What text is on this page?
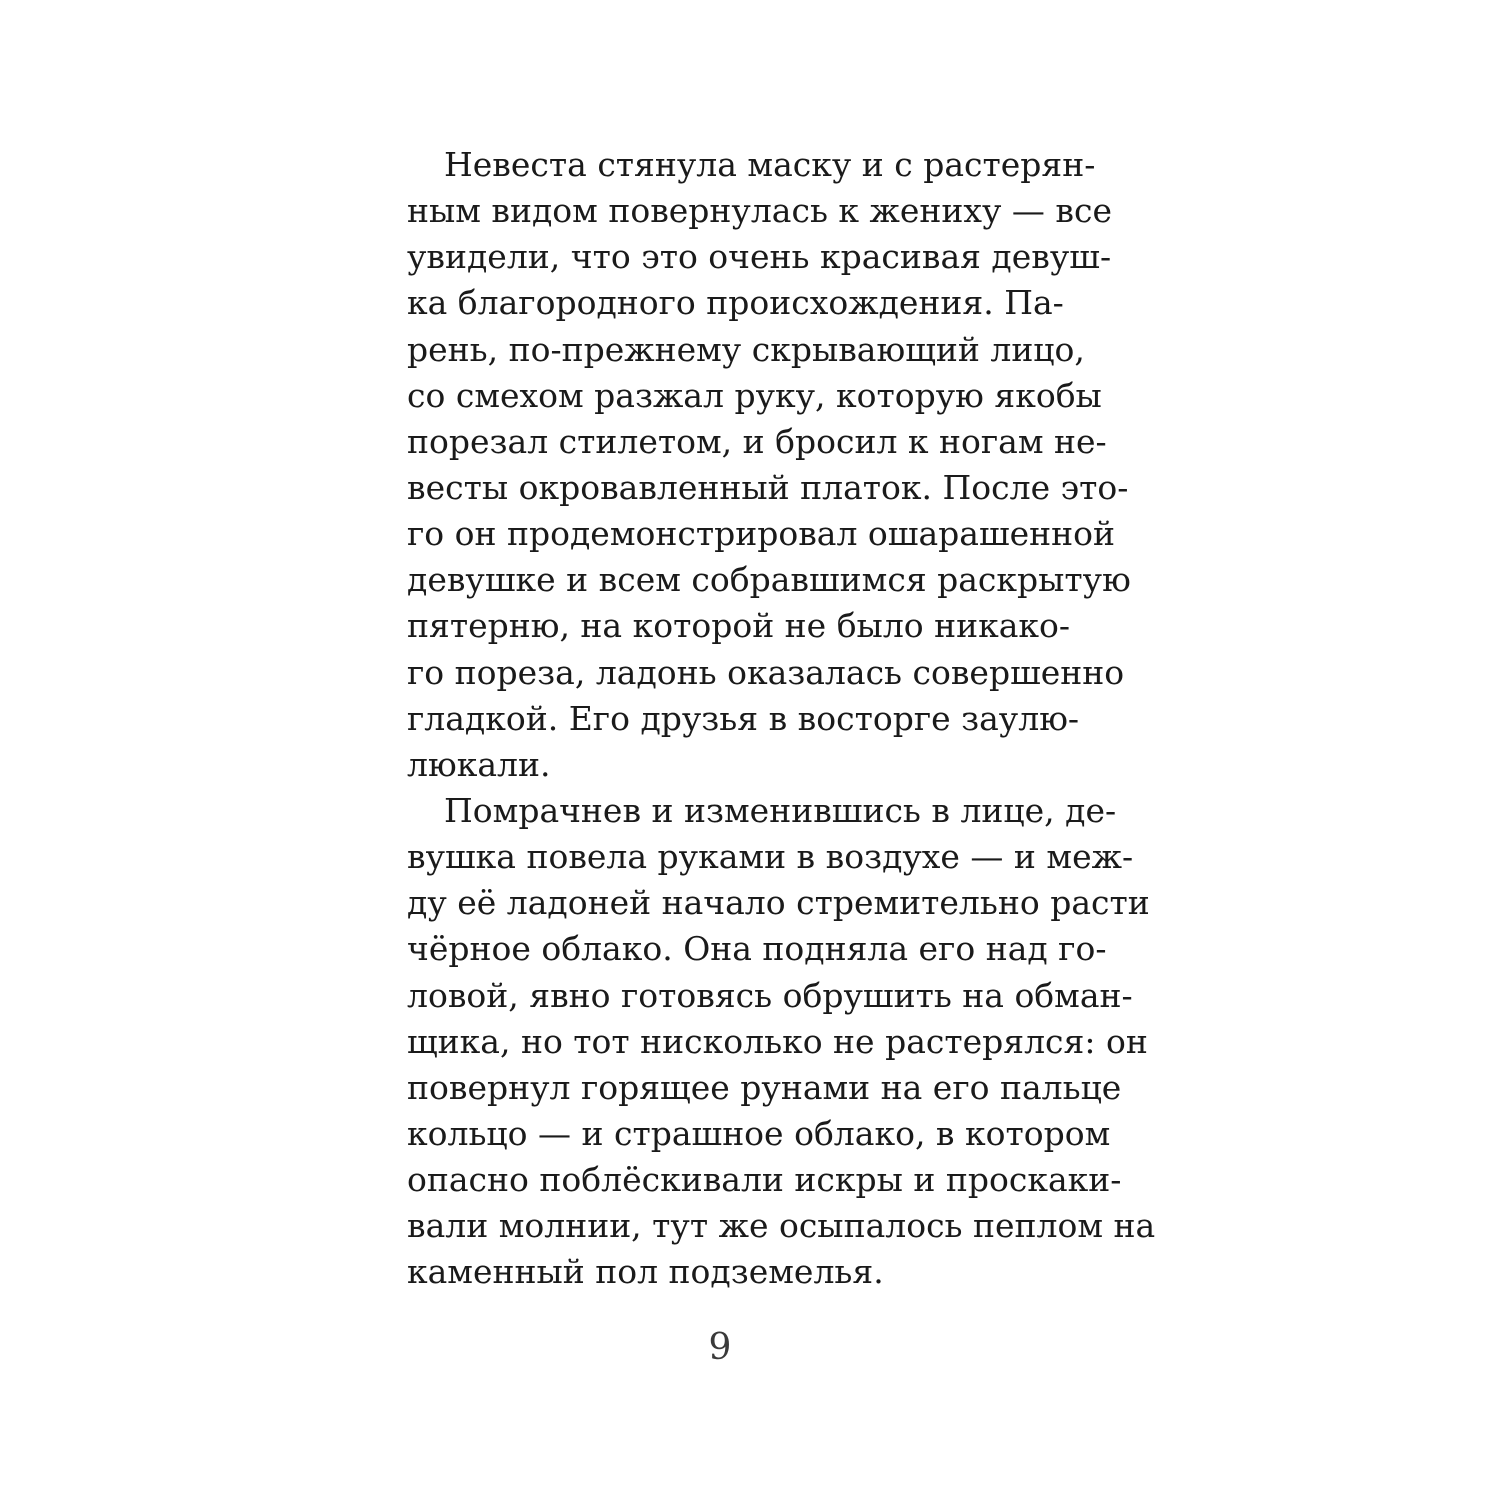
Невеста стянула маску и с растерян-
ным видом повернулась к жениху — все
увидели, что это очень красивая девуш-
ка благородного происхождения. Па-
рень, по-прежнему скрывающий лицо,
со смехом разжал руку, которую якобы
порезал стилетом, и бросил к ногам не-
весты окровавленный платок. После это-
го он продемонстрировал ошарашенной
девушке и всем собравшимся раскрытую
пятерню, на которой не было никако-
го пореза, ладонь оказалась совершенно
гладкой. Его друзья в восторге заулю-
люкали.
Помрачнев и изменившись в лице, де-
вушка повела руками в воздухе — и меж-
ду её ладоней начало стремительно расти
чёрное облако. Она подняла его над го-
ловой, явно готовясь обрушить на обман-
щика, но тот нисколько не растерялся: он
повернул горящее рунами на его пальце
кольцо — и страшное облако, в котором
опасно поблёскивали искры и проскаки-
вали молнии, тут же осыпалось пеплом на
каменный пол подземелья.
9
